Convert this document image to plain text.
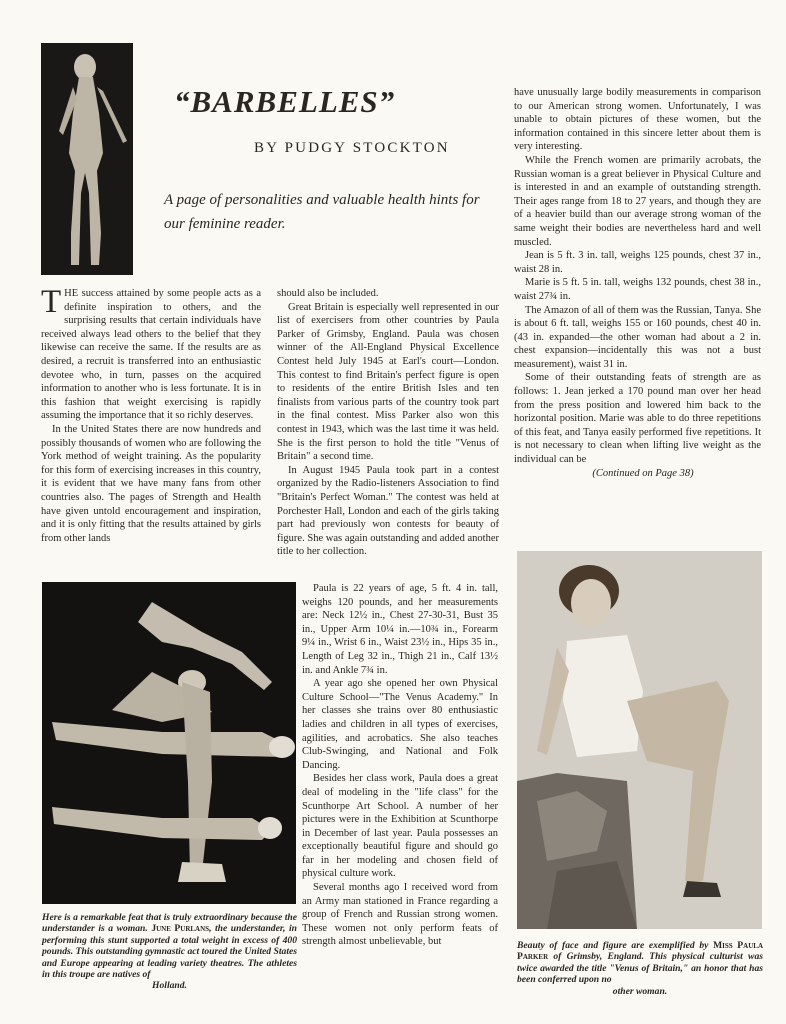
“BARBELLES”
BY PUDGY STOCKTON
A page of personalities and valuable health hints for our feminine reader.

THE success attained by some people acts as a definite inspiration to others, and the surprising results that certain individuals have received always lead others to the belief that they likewise can receive the same. If the results are as desired, a recruit is transferred into an enthusiastic devotee who, in turn, passes on the acquired information to another who is less fortunate. It is in this fashion that weight exercising is rapidly assuming the importance that it so richly deserves.

In the United States there are now hundreds and possibly thousands of women who are following the York method of weight training. As the popularity for this form of exercising increases in this country, it is evident that we have many fans from other countries also. The pages of Strength and Health have given untold encouragement and inspiration, and it is only fitting that the results attained by girls from other lands

should also be included.

Great Britain is especially well represented in our list of exercisers from other countries by Paula Parker of Grimsby, England. Paula was chosen winner of the All-England Physical Excellence Contest held July 1945 at Earl's court—London. This contest to find Britain's perfect figure is open to residents of the entire British Isles and ten finalists from various parts of the country took part in the final contest. Miss Parker also won this contest in 1943, which was the last time it was held. She is the first person to hold the title "Venus of Britain" a second time.

In August 1945 Paula took part in a contest organized by the Radio-listeners Association to find "Britain's Perfect Woman." The contest was held at Porchester Hall, London and each of the girls taking part had previously won contests for beauty of figure. She was again outstanding and added another title to her collection.

Paula is 22 years of age, 5 ft. 4 in. tall, weighs 120 pounds, and her measurements are: Neck 12½ in., Chest 27-30-31, Bust 35 in., Upper Arm 10¼ in.—10¾ in., Forearm 9¼ in., Wrist 6 in., Waist 23½ in., Hips 35 in., Length of Leg 32 in., Thigh 21 in., Calf 13½ in. and Ankle 7¾ in.

A year ago she opened her own Physical Culture School—"The Venus Academy." In her classes she trains over 80 enthusiastic ladies and children in all types of exercises, agilities, and acrobatics. She also teaches Club-Swinging, and National and Folk Dancing.

Besides her class work, Paula does a great deal of modeling in the "life class" for the Scunthorpe Art School. A number of her pictures were in the Exhibition at Scunthorpe in December of last year. Paula possesses an exceptionally beautiful figure and should go far in her modeling and chosen field of physical culture work.

Several months ago I received word from an Army man stationed in France regarding a group of French and Russian strong women. These women not only perform feats of strength almost unbelievable, but

have unusually large bodily measurements in comparison to our American strong women. Unfortunately, I was unable to obtain pictures of these women, but the information contained in this sincere letter about them is very interesting.

While the French women are primarily acrobats, the Russian woman is a great believer in Physical Culture and is interested in and an example of outstanding strength. Their ages range from 18 to 27 years, and though they are of a heavier build than our average strong woman of the same weight their bodies are nevertheless hard and well muscled.

Jean is 5 ft. 3 in. tall, weighs 125 pounds, chest 37 in., waist 28 in.

Marie is 5 ft. 5 in. tall, weighs 132 pounds, chest 38 in., waist 27¾ in.

The Amazon of all of them was the Russian, Tanya. She is about 6 ft. tall, weighs 155 or 160 pounds, chest 40 in. (43 in. expanded—the other woman had about a 2 in. chest expansion—incidentally this was not a bust measurement), waist 31 in.

Some of their outstanding feats of strength are as follows: 1. Jean jerked a 170 pound man over her head from the press position and lowered him back to the horizontal position. Marie was able to do three repetitions of this feat, and Tanya easily performed five repetitions. It is not necessary to clean when lifting live weight as the individual can be

(Continued on Page 38)

Here is a remarkable feat that is truly extraordinary because the understander is a woman. June Purlans, the understander, in performing this stunt supported a total weight in excess of 400 pounds. This outstanding gymnastic act toured the United States and Europe appearing at leading variety theatres. The athletes in this troupe are natives of
Holland.
Beauty of face and figure are exemplified by Miss Paula Parker of Grimsby, England. This physical culturist was twice awarded the title "Venus of Britain," an honor that has been conferred upon no
other woman.
